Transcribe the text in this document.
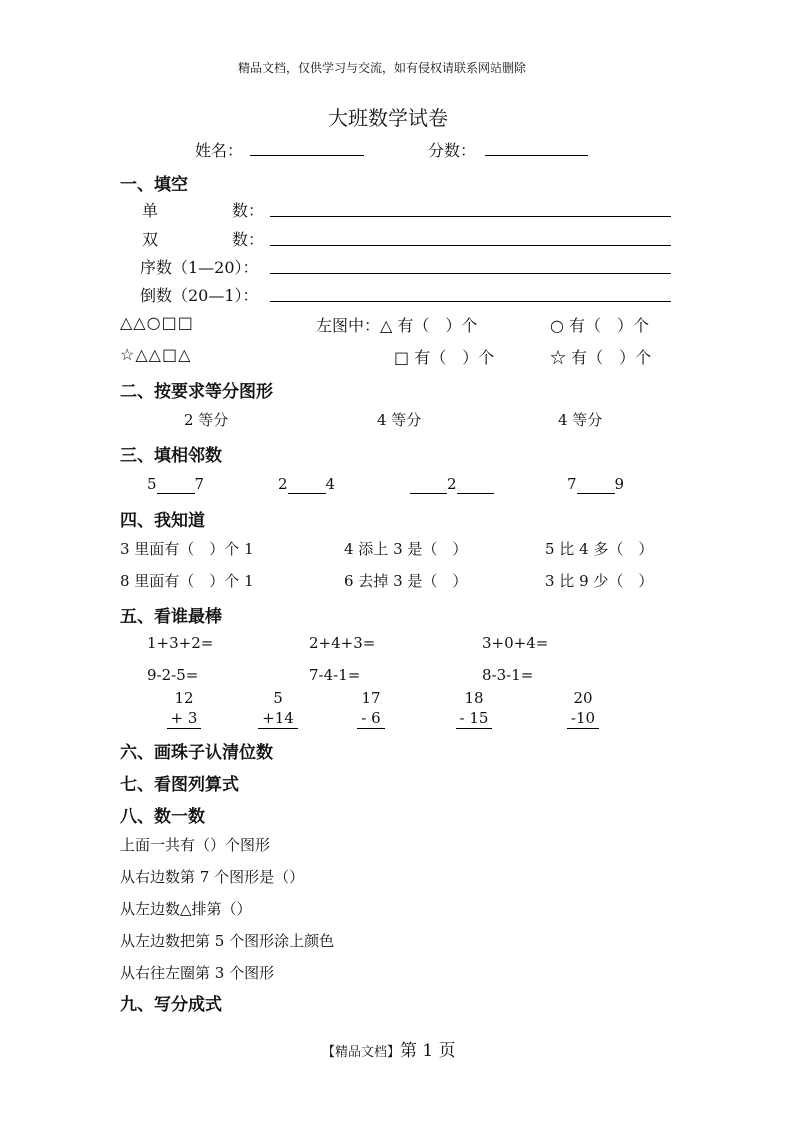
精品文档，仅供学习与交流，如有侵权请联系网站删除
大班数学试卷
姓名：	分数：
一、填空
单	数：
双	数：
序数（1—20）：
倒数（20—1）：
△△○□□	左图中：△ 有（　）个	○ 有（　）个
☆△△□△	□ 有（　）个	☆ 有（　）个
二、按要求等分图形
2 等分	4 等分	4 等分
三、填相邻数
5	7	2	4	2	7	9
四、我知道
3 里面有（　）个 1	4 添上 3 是（　）	5 比 4 多（　）
8 里面有（　）个 1	6 去掉 3 是（　）	3 比 9 少（　）
五、看谁最棒
1+3+2=	2+4+3=	3+0+4=
9-2-5=	7-4-1=	8-3-1=
12
+ 3
5
+14
17
- 6
18
- 15
20
-10
六、画珠子认清位数
七、看图列算式
八、数一数
上面一共有（）个图形
从右边数第 7 个图形是（）
从左边数△排第（）
从左边数把第 5 个图形涂上颜色
从右往左圈第 3 个图形
九、写分成式
【精品文档】第 1 页
